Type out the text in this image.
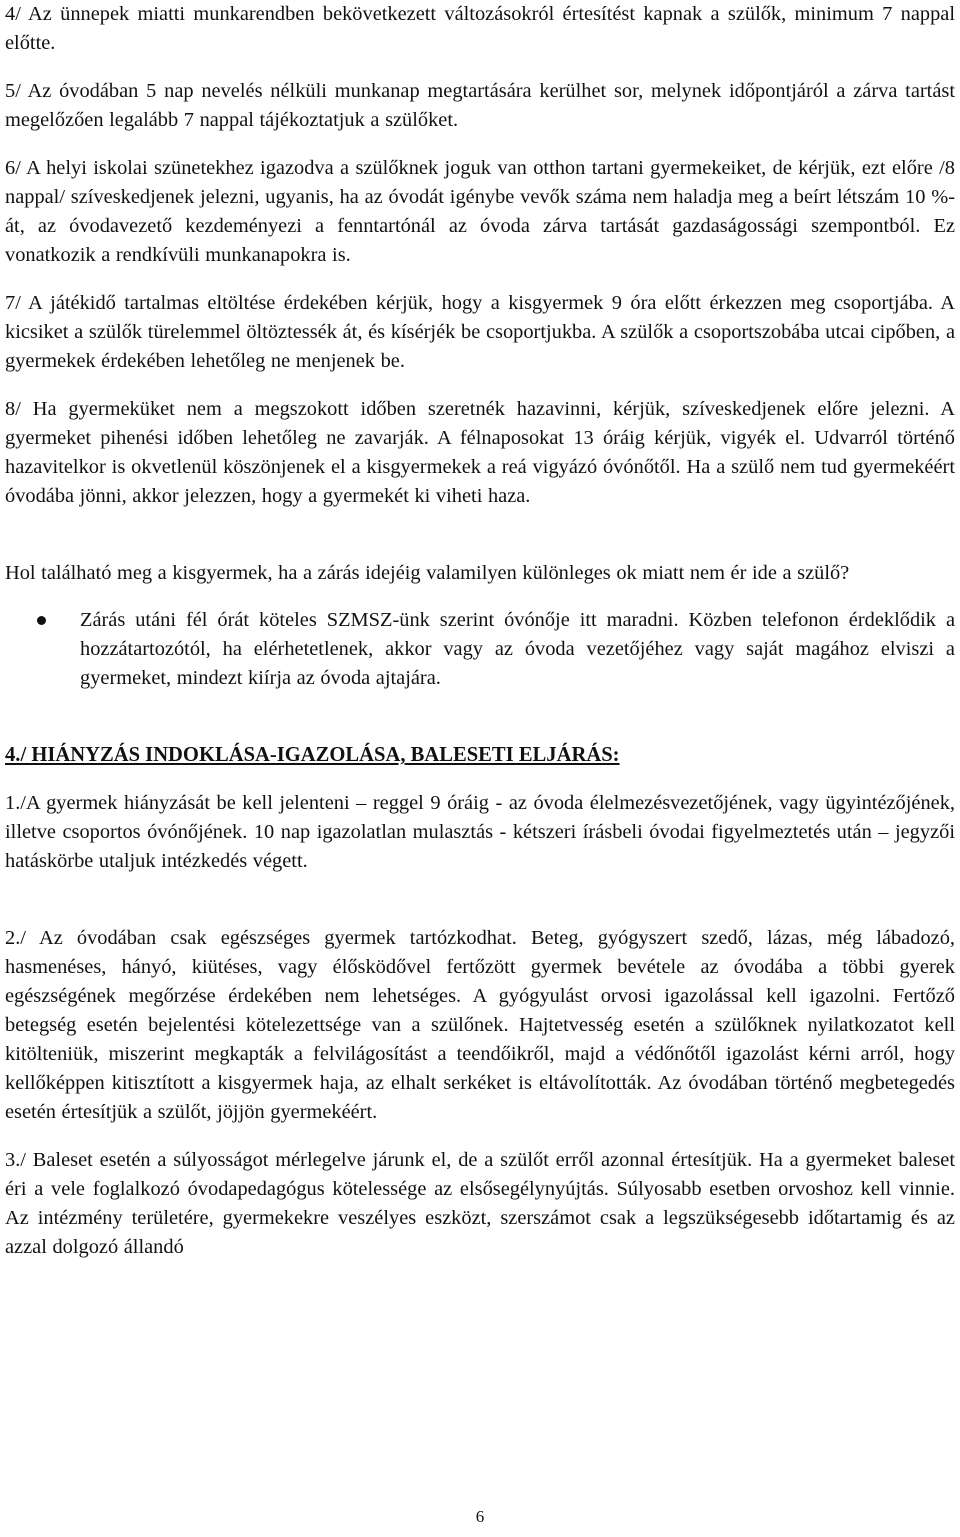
4/ Az ünnepek miatti munkarendben bekövetkezett változásokról értesítést kapnak a szülők, minimum 7 nappal előtte.

5/ Az óvodában 5 nap nevelés nélküli munkanap megtartására kerülhet sor, melynek időpontjáról a zárva tartást megelőzően legalább 7 nappal tájékoztatjuk a szülőket.

6/ A helyi iskolai szünetekhez igazodva a szülőknek joguk van otthon tartani gyermekeiket, de kérjük, ezt előre /8 nappal/ szíveskedjenek jelezni, ugyanis, ha az óvodát igénybe vevők száma nem haladja meg a beírt létszám 10 %-át, az óvodavezető kezdeményezi a fenntartónál az óvoda zárva tartását gazdaságossági szempontból. Ez vonatkozik a rendkívüli munkanapokra is.

7/ A játékidő tartalmas eltöltése érdekében kérjük, hogy a kisgyermek 9 óra előtt érkezzen meg csoportjába. A kicsiket a szülők türelemmel öltöztessék át, és kísérjék be csoportjukba. A szülők a csoportszobába utcai cipőben, a gyermekek érdekében lehetőleg ne menjenek be.

8/ Ha gyermeküket nem a megszokott időben szeretnék hazavinni, kérjük, szíveskedjenek előre jelezni. A gyermeket pihenési időben lehetőleg ne zavarják. A félnaposokat 13 óráig kérjük, vigyék el. Udvarról történő hazavitelkor is okvetlenül köszönjenek el a kisgyermekek a reá vigyázó óvónőtől. Ha a szülő nem tud gyermekéért óvodába jönni, akkor jelezzen, hogy a gyermekét ki viheti haza.

Hol található meg a kisgyermek, ha a zárás idejéig valamilyen különleges ok miatt nem ér ide a szülő?

Zárás utáni fél órát köteles SZMSZ-ünk szerint óvónője itt maradni. Közben telefonon érdeklődik a hozzátartozótól, ha elérhetetlenek, akkor vagy az óvoda vezetőjéhez vagy saját magához elviszi a gyermeket, mindezt kiírja az óvoda ajtajára.

4./ HIÁNYZÁS INDOKLÁSA-IGAZOLÁSA, BALESETI ELJÁRÁS:

1./A gyermek hiányzását be kell jelenteni – reggel 9 óráig - az óvoda élelmezésvezetőjének, vagy ügyintézőjének, illetve csoportos óvónőjének. 10 nap igazolatlan mulasztás - kétszeri írásbeli óvodai figyelmeztetés után – jegyzői hatáskörbe utaljuk intézkedés végett.

2./ Az óvodában csak egészséges gyermek tartózkodhat. Beteg, gyógyszert szedő, lázas, még lábadozó, hasmenéses, hányó, kiütéses, vagy élősködővel fertőzött gyermek bevétele az óvodába a többi gyerek egészségének megőrzése érdekében nem lehetséges. A gyógyulást orvosi igazolással kell igazolni. Fertőző betegség esetén bejelentési kötelezettsége van a szülőnek. Hajtetvesség esetén a szülőknek nyilatkozatot kell kitölteniük, miszerint megkapták a felvilágosítást a teendőikről, majd a védőnőtől igazolást kérni arról, hogy kellőképpen kitisztított a kisgyermek haja, az elhalt serkéket is eltávolították. Az óvodában történő megbetegedés esetén értesítjük a szülőt, jöjjön gyermekéért.

3./ Baleset esetén a súlyosságot mérlegelve járunk el, de a szülőt erről azonnal értesítjük. Ha a gyermeket baleset éri a vele foglalkozó óvodapedagógus kötelessége az elsősegélynyújtás. Súlyosabb esetben orvoshoz kell vinnie. Az intézmény területére, gyermekekre veszélyes eszközt, szerszámot csak a legszükségesebb időtartamig és az azzal dolgozó állandó

6
